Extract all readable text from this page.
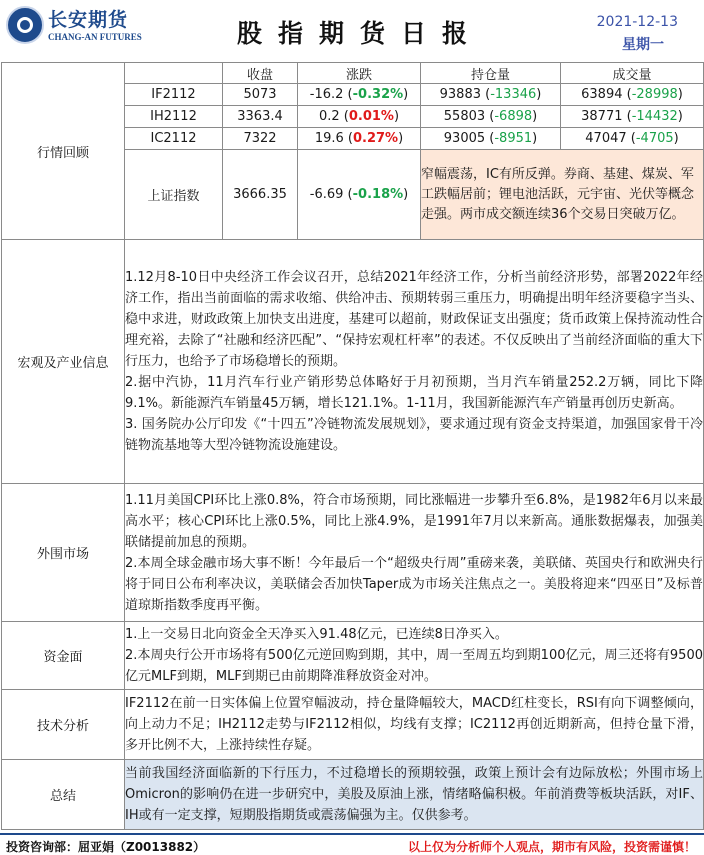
长安期货
CHANG-AN FUTURES	股指期货日报	2021-12-13
星期一
行情回顾		收盘	涨跌	持仓量	成交量
	IF2112	5073	-16.2 (-0.32%)	93883 (-13346)	63894 (-28998)
	IH2112	3363.4	0.2 (0.01%)	55803 (-6898)	38771 (-14432)
	IC2112	7322	19.6 (0.27%)	93005 (-8951)	47047 (-4705)
	上证指数	3666.35	-6.69 (-0.18%)	窄幅震荡，IC有所反弹。券商、基建、煤炭、军工跌幅居前；锂电池活跃，元宇宙、光伏等概念走强。两市成交额连续36个交易日突破万亿。	
宏观及产业信息	1.12月8-10日中央经济工作会议召开，总结2021年经济工作，分析当前经济形势，部署2022年经济工作，指出当前面临的需求收缩、供给冲击、预期转弱三重压力，明确提出明年经济要稳字当头、稳中求进，财政政策上加快支出进度，基建可以超前，财政保证支出强度；货币政策上保持流动性合理充裕，去除了“社融和经济匹配”、“保持宏观杠杆率”的表述。不仅反映出了当前经济面临的重大下行压力，也给予了市场稳增长的预期。
2.据中汽协，11月汽车行业产销形势总体略好于月初预期，当月汽车销量252.2万辆，同比下降9.1%。新能源汽车销量45万辆，增长121.1%。1-11月，我国新能源汽车产销量再创历史新高。
3. 国务院办公厅印发《“十四五”冷链物流发展规划》，要求通过现有资金支持渠道，加强国家骨干冷链物流基地等大型冷链物流设施建设。				

外围市场	1.11月美国CPI环比上涨0.8%，符合市场预期，同比涨幅进一步攀升至6.8%，是1982年6月以来最高水平；核心CPI环比上涨0.5%，同比上涨4.9%，是1991年7月以来新高。通胀数据爆表，加强美联储提前加息的预期。
2.本周全球金融市场大事不断！今年最后一个“超级央行周”重磅来袭，美联储、英国央行和欧洲央行将于同日公布利率决议，美联储会否加快Taper成为市场关注焦点之一。美股将迎来“四巫日”及标普道琼斯指数季度再平衡。				

资金面	1.上一交易日北向资金全天净买入91.48亿元，已连续8日净买入。
2.本周央行公开市场将有500亿元逆回购到期，其中，周一至周五均到期100亿元，周三还将有9500亿元MLF到期，MLF到期已由前期降准释放资金对冲。				

技术分析	IF2112在前一日实体偏上位置窄幅波动，持仓量降幅较大，MACD红柱变长，RSI有向下调整倾向，向上动力不足；IH2112走势与IF2112相似，均线有支撑；IC2112再创近期新高，但持仓量下滑，多开比例不大，上涨持续性存疑。				
总结	当前我国经济面临新的下行压力，不过稳增长的预期较强，政策上预计会有边际放松；外围市场上Omicron的影响仍在进一步研究中，美股及原油上涨，情绪略偏积极。年前消费等板块活跃，对IF、IH或有一定支撑，短期股指期货或震荡偏强为主。仅供参考。				
投资咨询部：屈亚娟（Z0013882）	以上仅为分析师个人观点，期市有风险，投资需谨慎！
